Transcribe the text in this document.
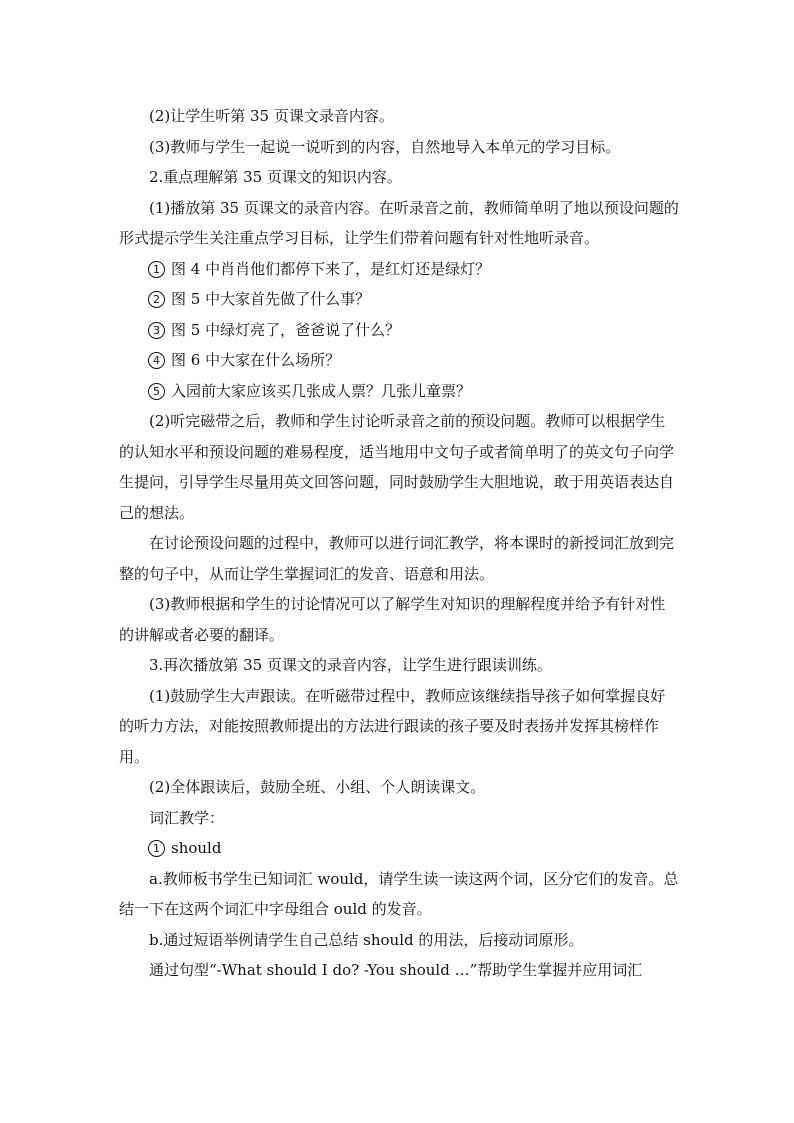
(2)让学生听第 35 页课文录音内容。

(3)教师与学生一起说一说听到的内容，自然地导入本单元的学习目标。

2.重点理解第 35 页课文的知识内容。

(1)播放第 35 页课文的录音内容。在听录音之前，教师简单明了地以预设问题的形式提示学生关注重点学习目标，让学生们带着问题有针对性地听录音。

1 图 4 中肖肖他们都停下来了，是红灯还是绿灯？

2 图 5 中大家首先做了什么事？

3 图 5 中绿灯亮了，爸爸说了什么？

4 图 6 中大家在什么场所？

5 入园前大家应该买几张成人票？几张儿童票？

(2)听完磁带之后，教师和学生讨论听录音之前的预设问题。教师可以根据学生的认知水平和预设问题的难易程度，适当地用中文句子或者简单明了的英文句子向学生提问，引导学生尽量用英文回答问题，同时鼓励学生大胆地说，敢于用英语表达自己的想法。

在讨论预设问题的过程中，教师可以进行词汇教学，将本课时的新授词汇放到完整的句子中，从而让学生掌握词汇的发音、语意和用法。

(3)教师根据和学生的讨论情况可以了解学生对知识的理解程度并给予有针对性的讲解或者必要的翻译。

3.再次播放第 35 页课文的录音内容，让学生进行跟读训练。

(1)鼓励学生大声跟读。在听磁带过程中，教师应该继续指导孩子如何掌握良好的听力方法，对能按照教师提出的方法进行跟读的孩子要及时表扬并发挥其榜样作用。

(2)全体跟读后，鼓励全班、小组、个人朗读课文。

词汇教学：

1 should

a.教师板书学生已知词汇 would，请学生读一读这两个词，区分它们的发音。总结一下在这两个词汇中字母组合 ould 的发音。

b.通过短语举例请学生自己总结 should 的用法，后接动词原形。

通过句型“-What should I do? -You should …”帮助学生掌握并应用词汇
